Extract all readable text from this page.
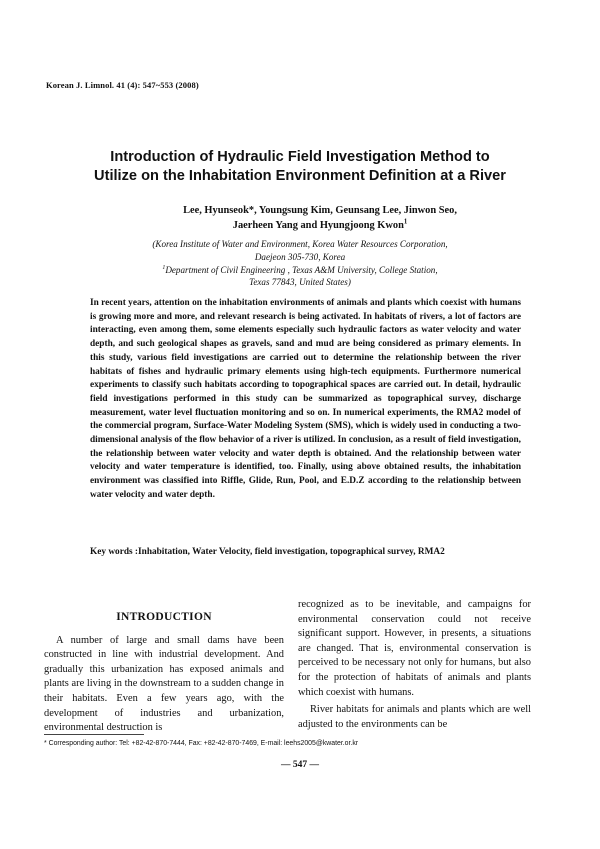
Korean J. Limnol. 41 (4): 547~553 (2008)
Introduction of Hydraulic Field Investigation Method to
Utilize on the Inhabitation Environment Definition at a River
Lee, Hyunseok*, Youngsung Kim, Geunsang Lee, Jinwon Seo,
Jaerheen Yang and Hyungjoong Kwon$^1$
(Korea Institute of Water and Environment, Korea Water Resources Corporation,
Daejeon 305-730, Korea
$^1$Department of Civil Engineering , Texas A&M University, College Station,
Texas 77843, United States)
In recent years, attention on the inhabitation environments of animals and plants which coexist with humans is growing more and more, and relevant research is being activated. In habitats of rivers, a lot of factors are interacting, even among them, some elements especially such hydraulic factors as water velocity and water depth, and such geological shapes as gravels, sand and mud are being considered as primary elements. In this study, various field investigations are carried out to determine the relationship between the river habitats of fishes and hydraulic primary elements using high-tech equipments. Furthermore numerical experiments to classify such habitats according to topographical spaces are carried out. In detail, hydraulic field investigations performed in this study can be summarized as topographical survey, discharge measurement, water level fluctuation monitoring and so on. In numerical experiments, the RMA2 model of the commercial program, Surface-Water Modeling System (SMS), which is widely used in conducting a two-dimensional analysis of the flow behavior of a river is utilized. In conclusion, as a result of field investigation, the relationship between water velocity and water depth is obtained. And the relationship between water velocity and water temperature is identified, too. Finally, using above obtained results, the inhabitation environment was classified into Riffle, Glide, Run, Pool, and E.D.Z according to the relationship between water velocity and water depth.
Key words : Inhabitation, Water Velocity, field investigation, topographical survey, RMA2
INTRODUCTION

A number of large and small dams have been constructed in line with industrial development. And gradually this urbanization has exposed animals and plants are living in the downstream to a sudden change in their habitats. Even a few years ago, with the development of industries and urbanization, environmental destruction is

recognized as to be inevitable, and campaigns for environmental conservation could not receive significant support. However, in presents, a situations are changed. That is, environmental conservation is perceived to be necessary not only for humans, but also for the protection of habitats of animals and plants which coexist with humans.

River habitats for animals and plants which are well adjusted to the environments can be

* Corresponding author: Tel: +82-42-870-7444, Fax: +82-42-870-7469, E-mail: leehs2005@kwater.or.kr
— 547 —
